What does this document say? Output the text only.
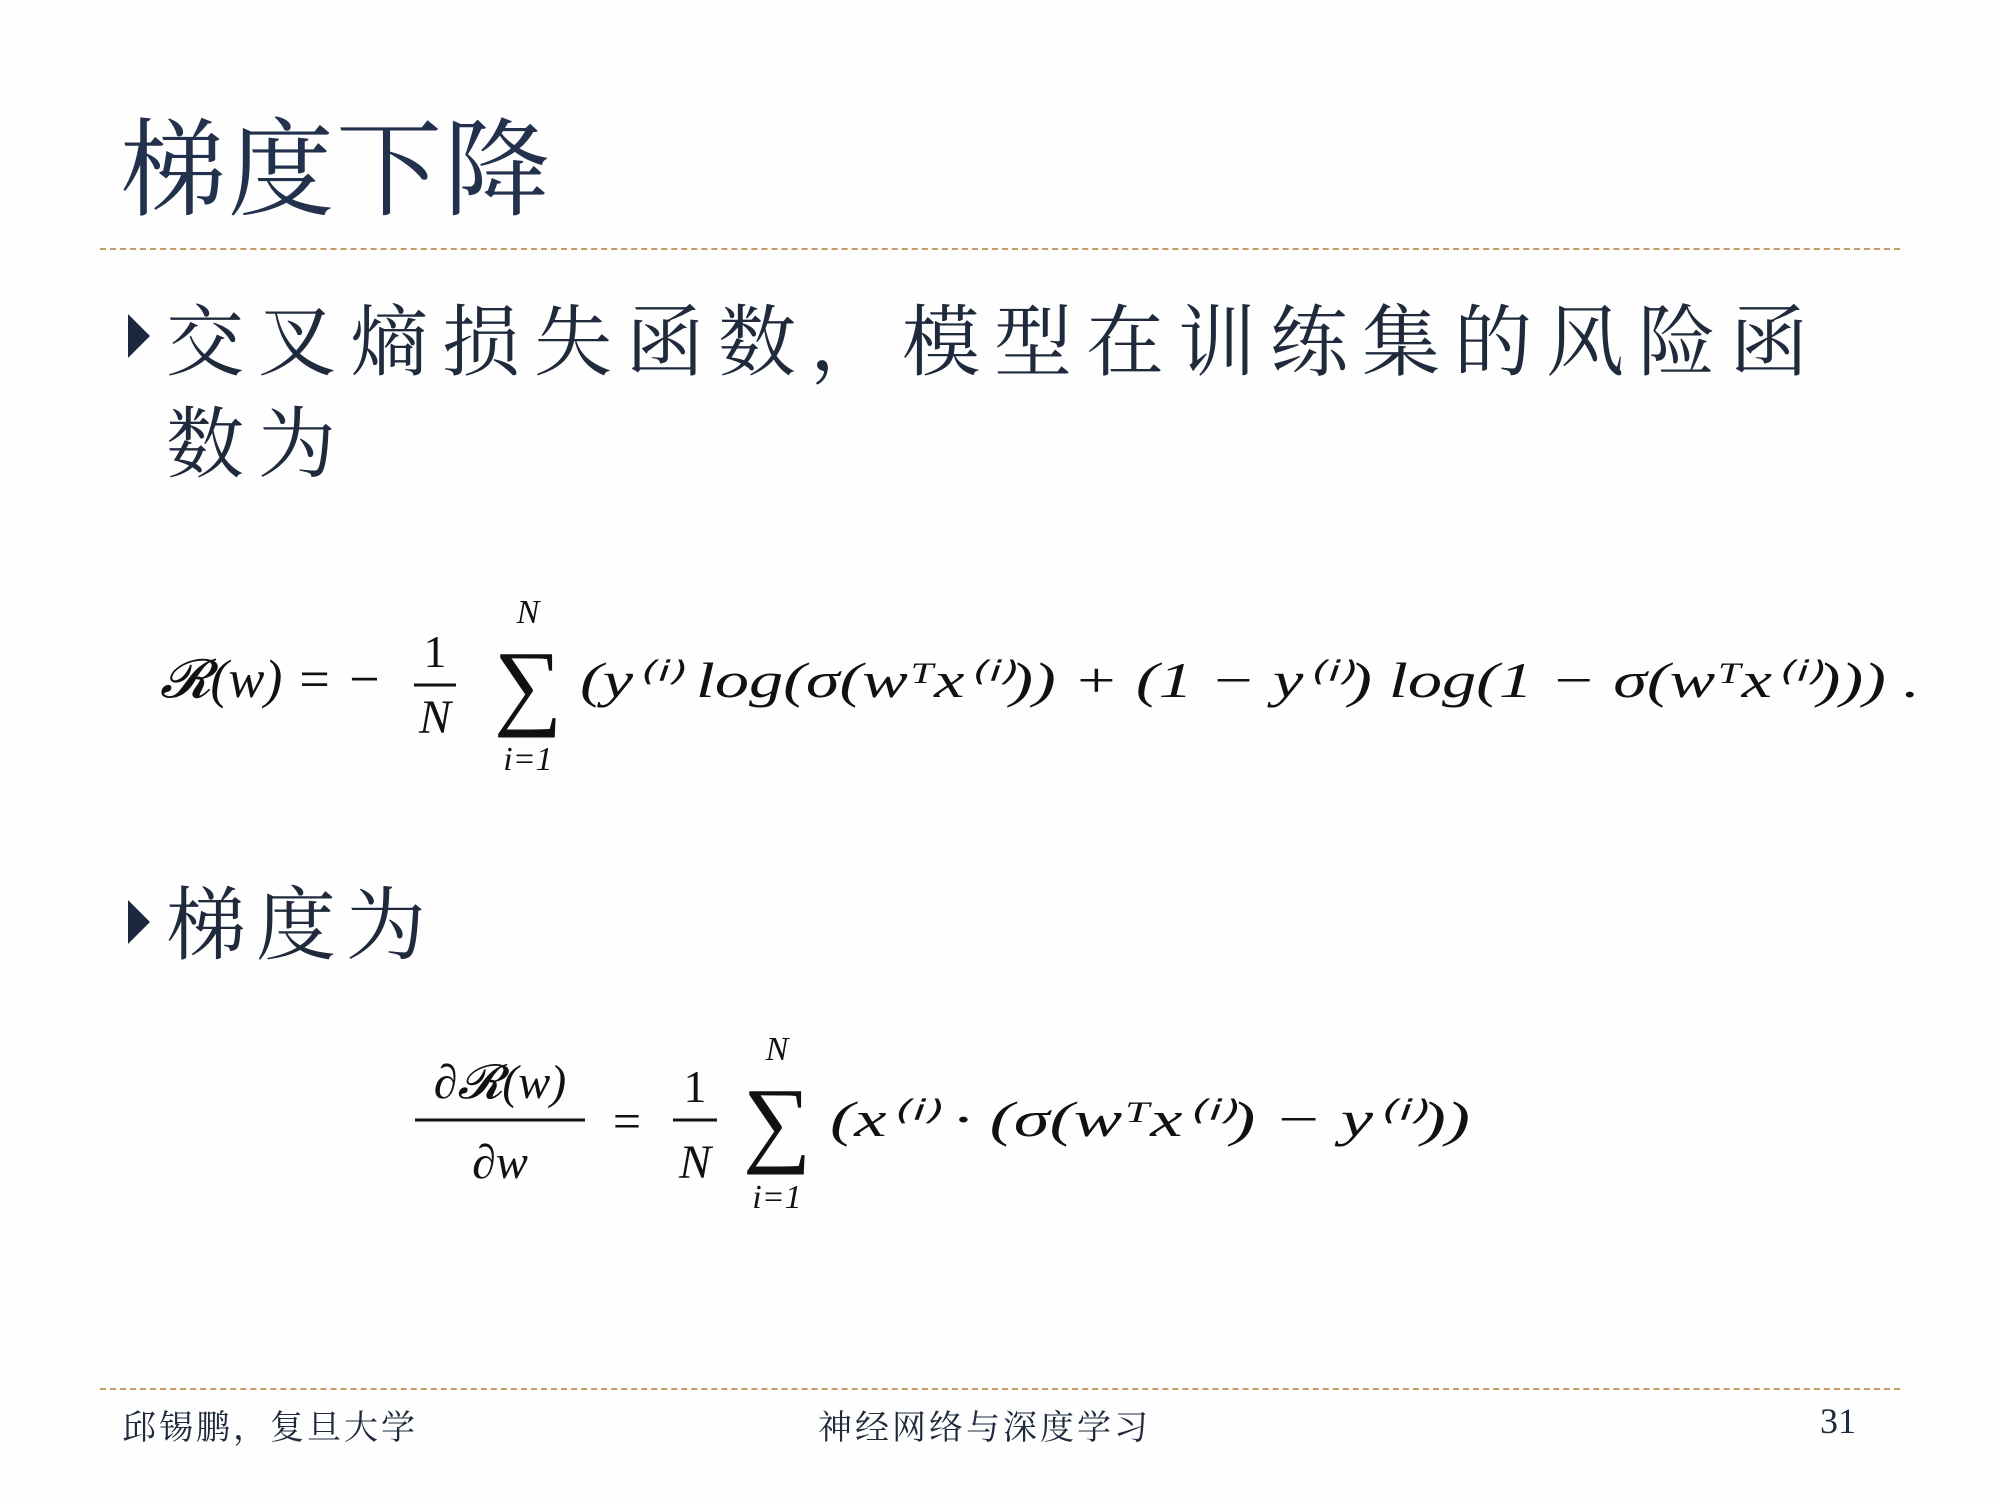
梯度下降
交叉熵损失函数，模型在训练集的风险函数为
𝓡(w) = − 1
N
N
∑
i=1
(y⁽ⁱ⁾ log(σ(wᵀx⁽ⁱ⁾)) + (1 − y⁽ⁱ⁾) log(1 − σ(wᵀx⁽ⁱ⁾))) .
梯度为
∂𝓡(w)
∂w
=
1
N
N
∑
i=1
(x⁽ⁱ⁾ · (σ(wᵀx⁽ⁱ⁾) − y⁽ⁱ⁾))
邱锡鹏，复旦大学	神经网络与深度学习	31
